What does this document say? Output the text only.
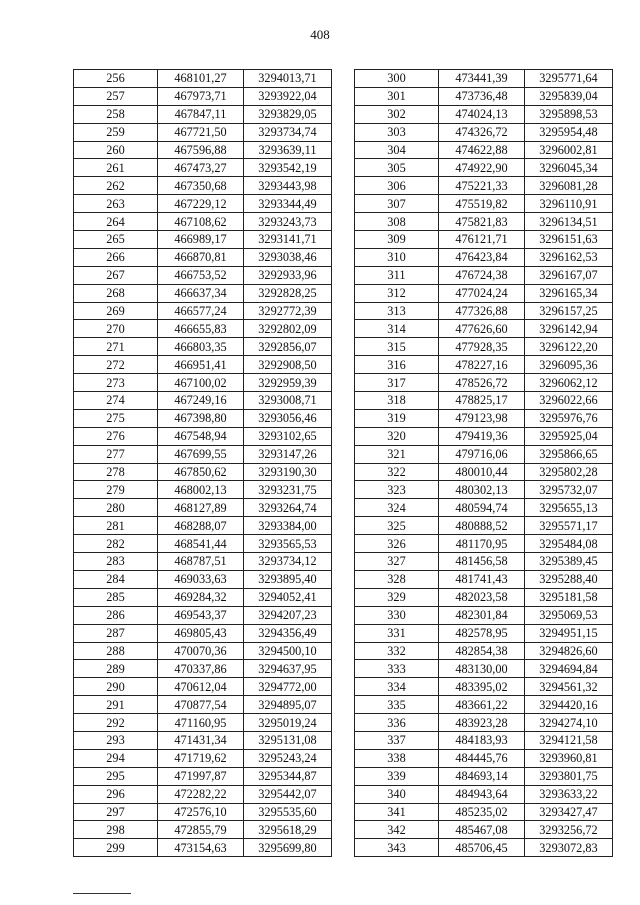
408
256	468101,27	3294013,71
257	467973,71	3293922,04
258	467847,11	3293829,05
259	467721,50	3293734,74
260	467596,88	3293639,11
261	467473,27	3293542,19
262	467350,68	3293443,98
263	467229,12	3293344,49
264	467108,62	3293243,73
265	466989,17	3293141,71
266	466870,81	3293038,46
267	466753,52	3292933,96
268	466637,34	3292828,25
269	466577,24	3292772,39
270	466655,83	3292802,09
271	466803,35	3292856,07
272	466951,41	3292908,50
273	467100,02	3292959,39
274	467249,16	3293008,71
275	467398,80	3293056,46
276	467548,94	3293102,65
277	467699,55	3293147,26
278	467850,62	3293190,30
279	468002,13	3293231,75
280	468127,89	3293264,74
281	468288,07	3293384,00
282	468541,44	3293565,53
283	468787,51	3293734,12
284	469033,63	3293895,40
285	469284,32	3294052,41
286	469543,37	3294207,23
287	469805,43	3294356,49
288	470070,36	3294500,10
289	470337,86	3294637,95
290	470612,04	3294772,00
291	470877,54	3294895,07
292	471160,95	3295019,24
293	471431,34	3295131,08
294	471719,62	3295243,24
295	471997,87	3295344,87
296	472282,22	3295442,07
297	472576,10	3295535,60
298	472855,79	3295618,29
299	473154,63	3295699,80
300	473441,39	3295771,64
301	473736,48	3295839,04
302	474024,13	3295898,53
303	474326,72	3295954,48
304	474622,88	3296002,81
305	474922,90	3296045,34
306	475221,33	3296081,28
307	475519,82	3296110,91
308	475821,83	3296134,51
309	476121,71	3296151,63
310	476423,84	3296162,53
311	476724,38	3296167,07
312	477024,24	3296165,34
313	477326,88	3296157,25
314	477626,60	3296142,94
315	477928,35	3296122,20
316	478227,16	3296095,36
317	478526,72	3296062,12
318	478825,17	3296022,66
319	479123,98	3295976,76
320	479419,36	3295925,04
321	479716,06	3295866,65
322	480010,44	3295802,28
323	480302,13	3295732,07
324	480594,74	3295655,13
325	480888,52	3295571,17
326	481170,95	3295484,08
327	481456,58	3295389,45
328	481741,43	3295288,40
329	482023,58	3295181,58
330	482301,84	3295069,53
331	482578,95	3294951,15
332	482854,38	3294826,60
333	483130,00	3294694,84
334	483395,02	3294561,32
335	483661,22	3294420,16
336	483923,28	3294274,10
337	484183,93	3294121,58
338	484445,76	3293960,81
339	484693,14	3293801,75
340	484943,64	3293633,22
341	485235,02	3293427,47
342	485467,08	3293256,72
343	485706,45	3293072,83
